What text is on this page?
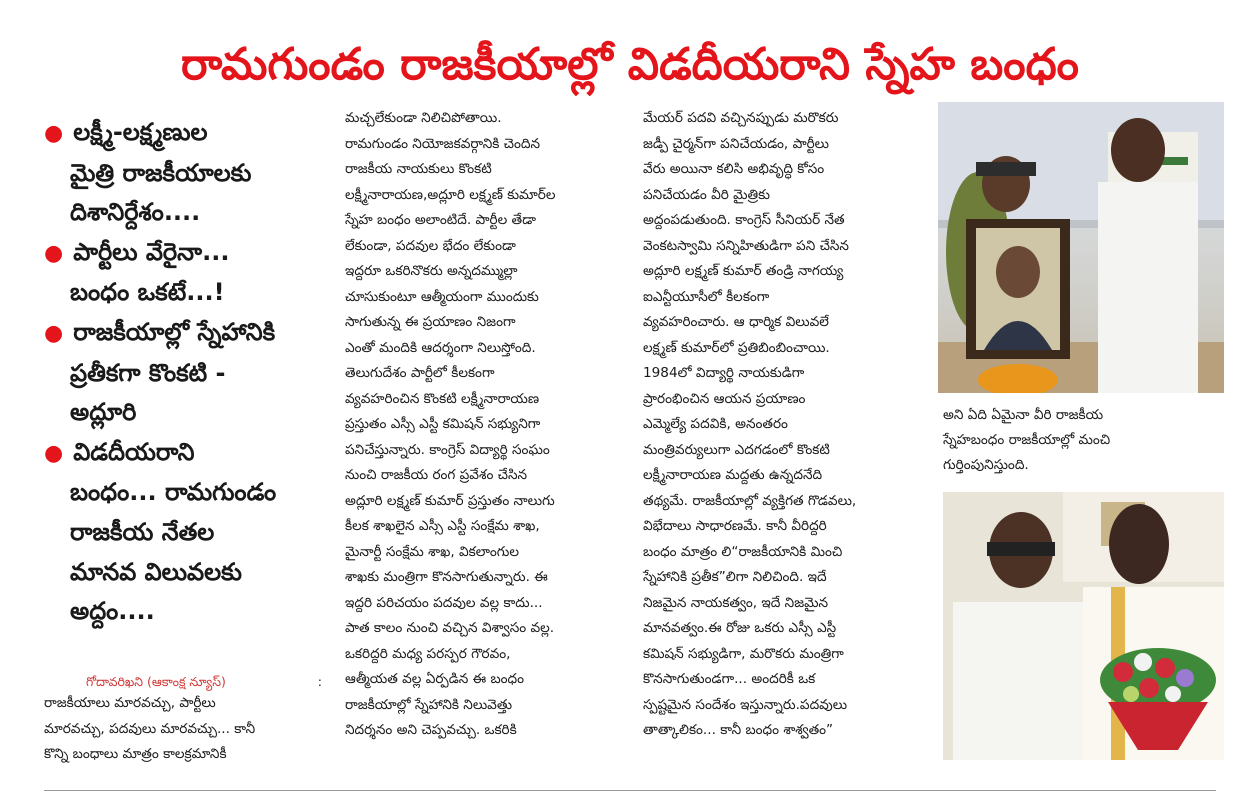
రామగుండం రాజకీయాల్లో విడదీయరాని స్నేహ బంధం
● లక్ష్మీ-లక్ష్మణుల
మైత్రి రాజకీయాలకు
దిశానిర్దేశం....
● పార్టీలు వేరైనా...
బంధం ఒకటే...!
● రాజకీయాల్లో స్నేహానికి
ప్రతీకగా కొంకటి -
అద్లూరి
● విడదీయరాని
బంధం... రామగుండం
రాజకీయ నేతల
మానవ విలువలకు
అద్దం....
గోదావరిఖని (ఆకాంక్ష న్యూస్)	:
రాజకీయాలు మారవచ్చు, పార్టీలు
మారవచ్చు, పదవులు మారవచ్చు... కానీ
కొన్ని బంధాలు మాత్రం కాలక్రమానికీ
మచ్చలేకుండా నిలిచిపోతాయి.
రామగుండం నియోజకవర్గానికి చెందిన
రాజకీయ నాయకులు కొంకటి
లక్ష్మీనారాయణ,అద్లూరి లక్ష్మణ్ కుమార్‌ల
స్నేహ బంధం అలాంటిదే. పార్టీల తేడా
లేకుండా, పదవుల భేదం లేకుండా
ఇద్దరూ ఒకరినొకరు అన్నదమ్ముల్లా
చూసుకుంటూ ఆత్మీయంగా ముందుకు
సాగుతున్న ఈ ప్రయాణం నిజంగా
ఎంతో మందికి ఆదర్శంగా నిలుస్తోంది.
తెలుగుదేశం పార్టీలో కీలకంగా
వ్యవహరించిన కొంకటి లక్ష్మీనారాయణ
ప్రస్తుతం ఎస్సీ ఎస్టీ కమిషన్ సభ్యునిగా
పనిచేస్తున్నారు. కాంగ్రెస్ విద్యార్థి సంఘం
నుంచి రాజకీయ రంగ ప్రవేశం చేసిన
అద్లూరి లక్ష్మణ్ కుమార్ ప్రస్తుతం నాలుగు
కీలక శాఖలైన ఎస్సీ ఎస్టీ సంక్షేమ శాఖ,
మైనార్టీ సంక్షేమ శాఖ, వికలాంగుల
శాఖకు మంత్రిగా కొనసాగుతున్నారు. ఈ
ఇద్దరి పరిచయం పదవుల వల్ల కాదు...
పాత కాలం నుంచి వచ్చిన విశ్వాసం వల్ల.
ఒకరిద్దరి మధ్య పరస్పర గౌరవం,
ఆత్మీయత వల్ల ఏర్పడిన ఈ బంధం
రాజకీయాల్లో స్నేహానికి నిలువెత్తు
నిదర్శనం అని చెప్పవచ్చు. ఒకరికి
మేయర్ పదవి వచ్చినప్పుడు మరొకరు
జడ్పీ చైర్మన్‌గా పనిచేయడం, పార్టీలు
వేరు అయినా కలిసి అభివృద్ధి కోసం
పనిచేయడం వీరి మైత్రికు
అద్దంపడుతుంది. కాంగ్రెస్ సీనియర్ నేత
వెంకటస్వామి సన్నిహితుడిగా పని చేసిన
అద్లూరి లక్ష్మణ్ కుమార్ తండ్రి నాగయ్య
ఐఎన్టీయూసీలో కీలకంగా
వ్యవహరించారు. ఆ ధార్మిక విలువలే
లక్ష్మణ్ కుమార్‌లో ప్రతిబింబించాయి.
1984లో విద్యార్థి నాయకుడిగా
ప్రారంభించిన ఆయన ప్రయాణం
ఎమ్మెల్యే పదవికి, అనంతరం
మంత్రివర్యులుగా ఎదగడంలో కొంకటి
లక్ష్మీనారాయణ మద్దతు ఉన్నదనేది
తథ్యమే. రాజకీయాల్లో వ్యక్తిగత గొడవలు,
విభేదాలు సాధారణమే. కానీ వీరిద్దరి
బంధం మాత్రం లి“రాజకీయానికి మించి
స్నేహానికి ప్రతీక”లిగా నిలిచింది. ఇదే
నిజమైన నాయకత్వం, ఇదే నిజమైన
మానవత్వం.ఈ రోజు ఒకరు ఎస్సీ ఎస్టీ
కమిషన్ సభ్యుడిగా, మరొకరు మంత్రిగా
కొనసాగుతుండగా... అందరికీ ఒక
స్పష్టమైన సందేశం ఇస్తున్నారు.పదవులు
తాత్కాలికం... కానీ బంధం శాశ్వతం”
అని ఏది ఏమైనా వీరి రాజకీయ
స్నేహబంధం రాజకీయాల్లో మంచి
గుర్తింపునిస్తుంది.
